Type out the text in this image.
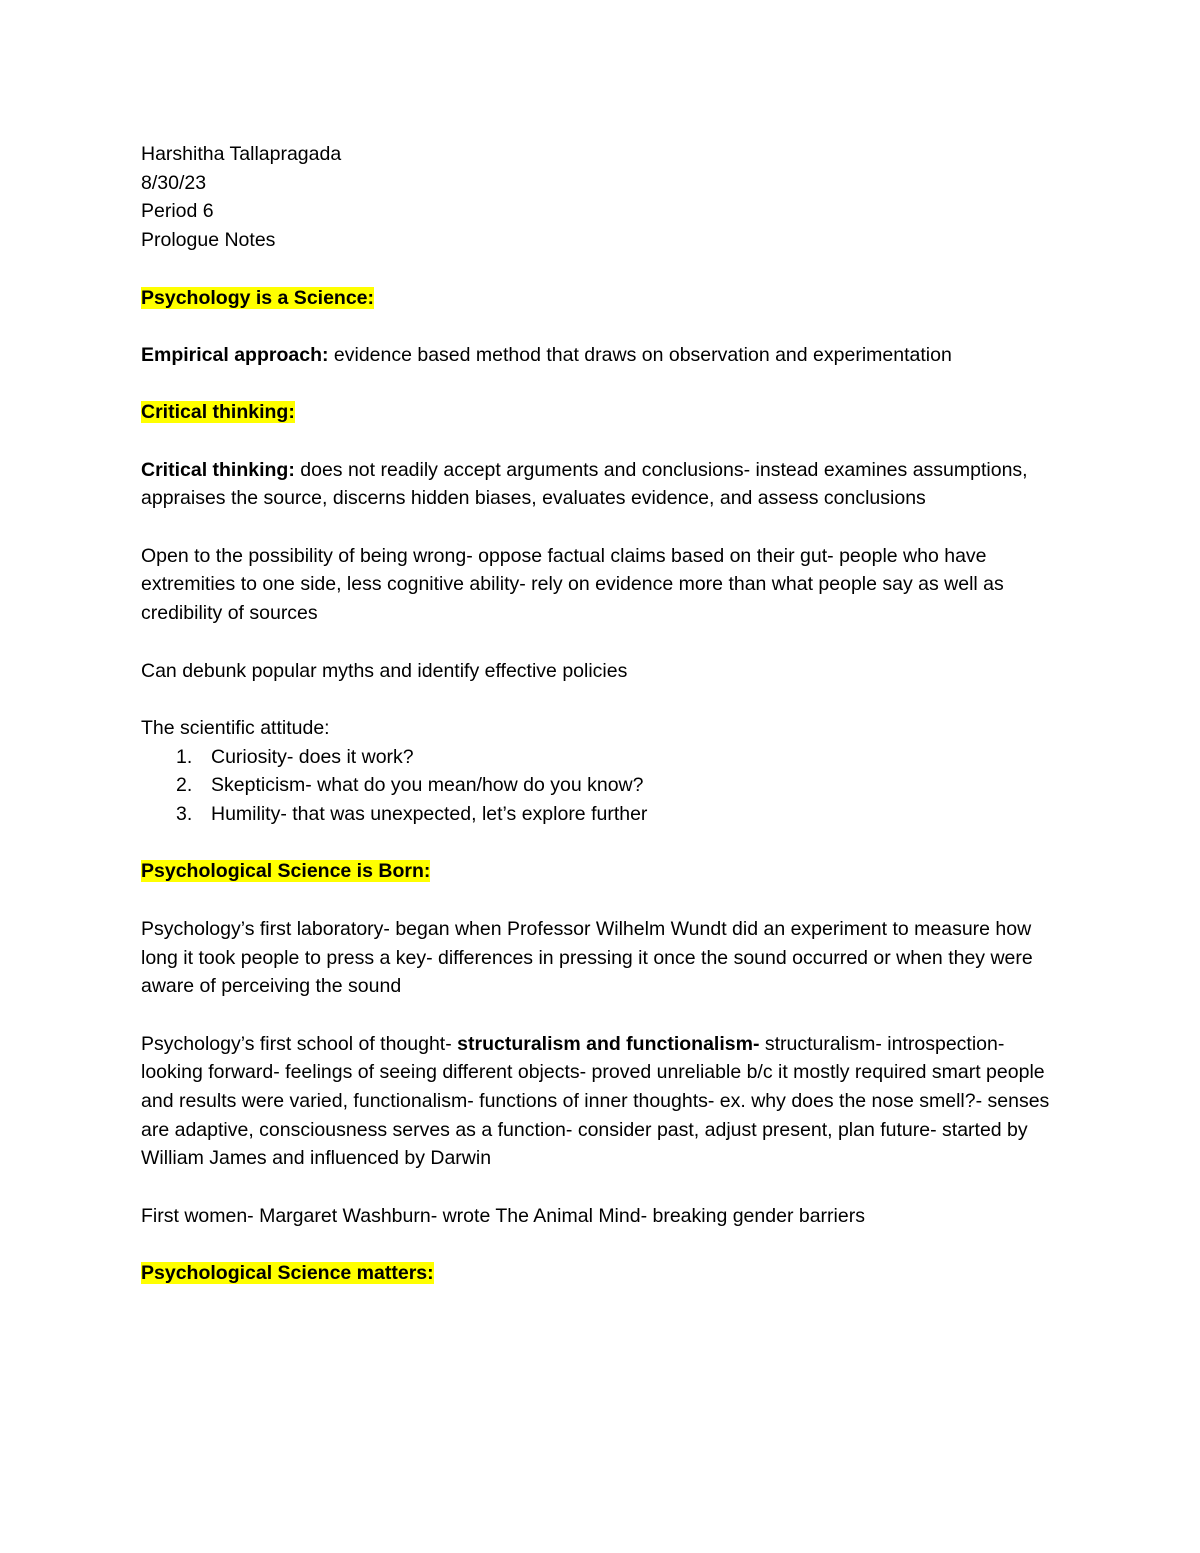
Harshitha Tallapragada

8/30/23

Period 6

Prologue Notes

Psychology is a Science:

Empirical approach: evidence based method that draws on observation and experimentation

Critical thinking:

Critical thinking: does not readily accept arguments and conclusions- instead examines assumptions, appraises the source, discerns hidden biases, evaluates evidence, and assess conclusions

Open to the possibility of being wrong- oppose factual claims based on their gut- people who have extremities to one side, less cognitive ability- rely on evidence more than what people say as well as credibility of sources

Can debunk popular myths and identify effective policies

The scientific attitude:

1. Curiosity- does it work?
2. Skepticism- what do you mean/how do you know?
3. Humility- that was unexpected, let’s explore further

Psychological Science is Born:

Psychology’s first laboratory- began when Professor Wilhelm Wundt did an experiment to measure how long it took people to press a key- differences in pressing it once the sound occurred or when they were aware of perceiving the sound

Psychology’s first school of thought- structuralism and functionalism- structuralism- introspection- looking forward- feelings of seeing different objects- proved unreliable b/c it mostly required smart people and results were varied, functionalism- functions of inner thoughts- ex. why does the nose smell?- senses are adaptive, consciousness serves as a function- consider past, adjust present, plan future- started by William James and influenced by Darwin

First women- Margaret Washburn- wrote The Animal Mind- breaking gender barriers

Psychological Science matters:
